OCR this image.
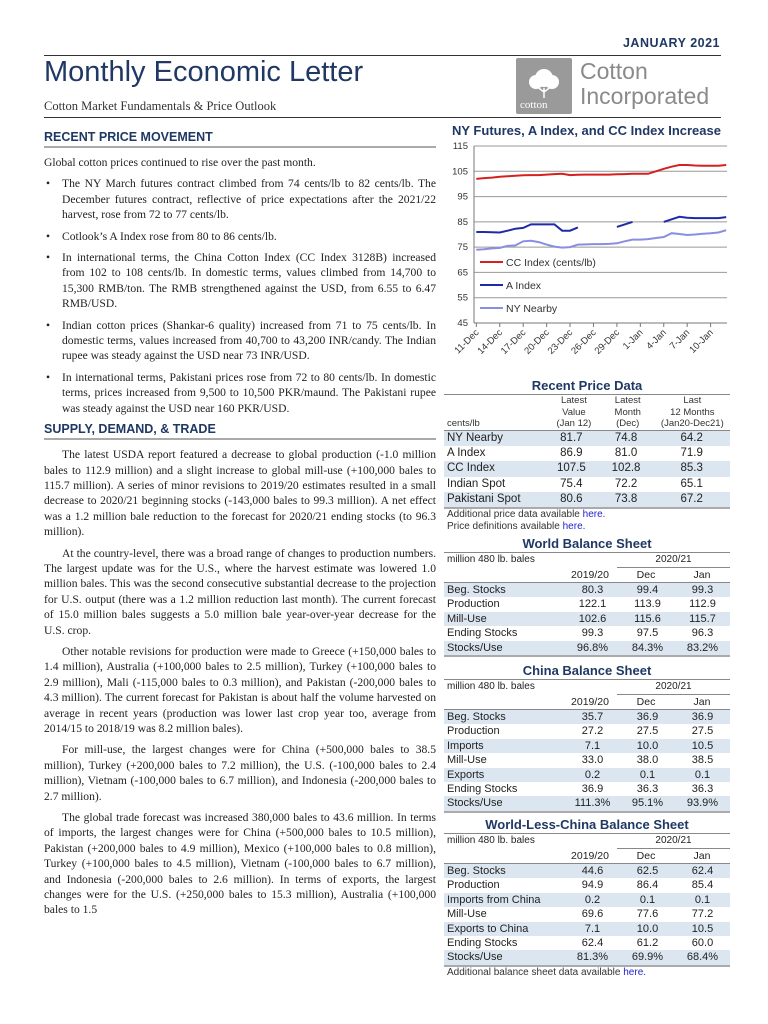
JANUARY 2021
Monthly Economic Letter
Cotton Market Fundamentals & Price Outlook	cotton
Cotton
Incorporated
RECENT PRICE MOVEMENT

Global cotton prices continued to rise over the past month.

• The NY March futures contract climbed from 74 cents/lb to 82 cents/lb. The December futures contract, reflective of price expectations after the 2021/22 harvest, rose from 72 to 77 cents/lb.
• Cotlook’s A Index rose from 80 to 86 cents/lb.
• In international terms, the China Cotton Index (CC Index 3128B) increased from 102 to 108 cents/lb. In domestic terms, values climbed from 14,700 to 15,300 RMB/ton. The RMB strengthened against the USD, from 6.55 to 6.47 RMB/USD.
• Indian cotton prices (Shankar-6 quality) increased from 71 to 75 cents/lb. In domestic terms, values increased from 40,700 to 43,200 INR/candy. The Indian rupee was steady against the USD near 73 INR/USD.
• In international terms, Pakistani prices rose from 72 to 80 cents/lb. In domestic terms, prices increased from 9,500 to 10,500 PKR/maund. The Pakistani rupee was steady against the USD near 160 PKR/USD.
SUPPLY, DEMAND, & TRADE

The latest USDA report featured a decrease to global production (-1.0 million bales to 112.9 million) and a slight increase to global mill-use (+100,000 bales to 115.7 million). A series of minor revisions to 2019/20 estimates resulted in a small decrease to 2020/21 beginning stocks (-143,000 bales to 99.3 million). A net effect was a 1.2 million bale reduction to the forecast for 2020/21 ending stocks (to 96.3 million).

At the country-level, there was a broad range of changes to production numbers. The largest update was for the U.S., where the harvest estimate was lowered 1.0 million bales. This was the second consecutive substantial decrease to the projection for U.S. output (there was a 1.2 million reduction last month). The current forecast of 15.0 million bales suggests a 5.0 million bale year-over-year decrease for the U.S. crop.

Other notable revisions for production were made to Greece (+150,000 bales to 1.4 million), Australia (+100,000 bales to 2.5 million), Turkey (+100,000 bales to 2.9 million), Mali (-115,000 bales to 0.3 million), and Pakistan (-200,000 bales to 4.3 million). The current forecast for Pakistan is about half the volume harvested on average in recent years (production was lower last crop year too, average from 2014/15 to 2018/19 was 8.2 million bales).

For mill-use, the largest changes were for China (+500,000 bales to 38.5 million), Turkey (+200,000 bales to 7.2 million), the U.S. (-100,000 bales to 2.4 million), Vietnam (-100,000 bales to 6.7 million), and Indonesia (-200,000 bales to 2.7 million).

The global trade forecast was increased 380,000 bales to 43.6 million. In terms of imports, the largest changes were for China (+500,000 bales to 10.5 million), Pakistan (+200,000 bales to 4.9 million), Mexico (+100,000 bales to 0.8 million), Turkey (+100,000 bales to 4.5 million), Vietnam (-100,000 bales to 6.7 million), and Indonesia (-200,000 bales to 2.6 million). In terms of exports, the largest changes were for the U.S. (+250,000 bales to 15.3 million), Australia (+100,000 bales to 1.5

NY Futures, A Index, and CC Index Increase
115
105
95
85
75
65
55
45
11-Dec
14-Dec
17-Dec
20-Dec
23-Dec
26-Dec
29-Dec
1-Jan
4-Jan
7-Jan
10-Jan
CC Index (cents/lb)
A Index
NY Nearby
Recent Price Data
cents/lb
Latest
Value
(Jan 12)
Latest
Month
(Dec)
Last
12 Months
(Jan20-Dec21)
NY Nearby	81.7	74.8	64.2
A Index	86.9	81.0	71.9
CC Index	107.5	102.8	85.3
Indian Spot	75.4	72.2	65.1
Pakistani Spot	80.6	73.8	67.2
Additional price data available here.
Price definitions available here.
World Balance Sheet
million 480 lb. bales	2020/21
2019/20	Dec	Jan
Beg. Stocks	80.3	99.4	99.3
Production	122.1	113.9	112.9
Mill-Use	102.6	115.6	115.7
Ending Stocks	99.3	97.5	96.3
Stocks/Use	96.8%	84.3%	83.2%
China Balance Sheet
million 480 lb. bales	2020/21
2019/20	Dec	Jan
Beg. Stocks	35.7	36.9	36.9
Production	27.2	27.5	27.5
Imports	7.1	10.0	10.5
Mill-Use	33.0	38.0	38.5
Exports	0.2	0.1	0.1
Ending Stocks	36.9	36.3	36.3
Stocks/Use	111.3%	95.1%	93.9%
World-Less-China Balance Sheet
million 480 lb. bales	2020/21
2019/20	Dec	Jan
Beg. Stocks	44.6	62.5	62.4
Production	94.9	86.4	85.4
Imports from China	0.2	0.1	0.1
Mill-Use	69.6	77.6	77.2
Exports to China	7.1	10.0	10.5
Ending Stocks	62.4	61.2	60.0
Stocks/Use	81.3%	69.9%	68.4%
Additional balance sheet data available here.
